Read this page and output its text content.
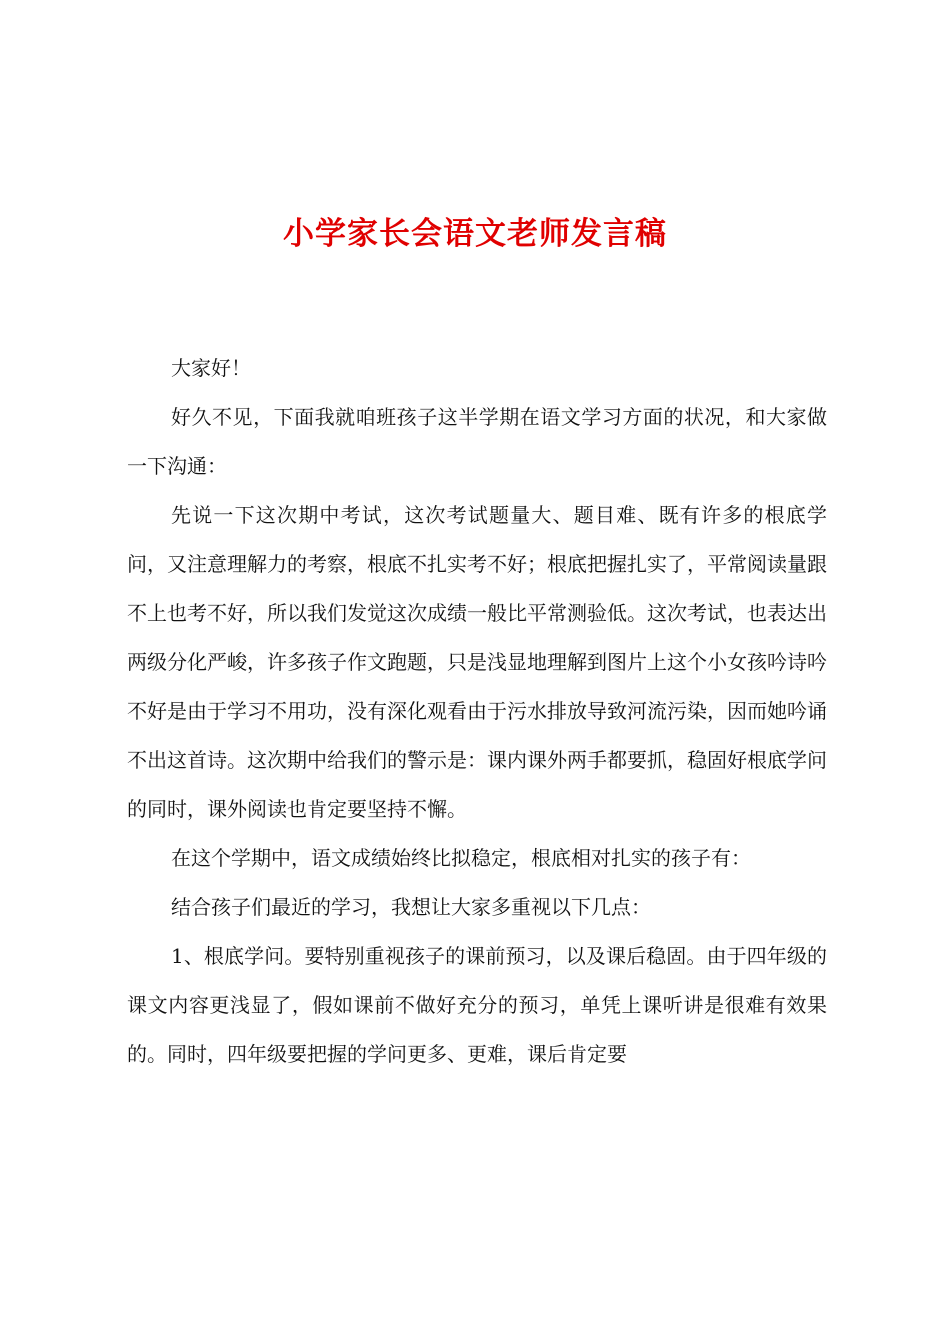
小学家长会语文老师发言稿

大家好！

好久不见，下面我就咱班孩子这半学期在语文学习方面的状况，和大家做一下沟通：

先说一下这次期中考试，这次考试题量大、题目难、既有许多的根底学问，又注意理解力的考察，根底不扎实考不好；根底把握扎实了，平常阅读量跟不上也考不好，所以我们发觉这次成绩一般比平常测验低。这次考试，也表达出两级分化严峻，许多孩子作文跑题，只是浅显地理解到图片上这个小女孩吟诗吟不好是由于学习不用功，没有深化观看由于污水排放导致河流污染，因而她吟诵不出这首诗。这次期中给我们的警示是：课内课外两手都要抓，稳固好根底学问的同时，课外阅读也肯定要坚持不懈。

在这个学期中，语文成绩始终比拟稳定，根底相对扎实的孩子有：

结合孩子们最近的学习，我想让大家多重视以下几点：

1、根底学问。要特别重视孩子的课前预习，以及课后稳固。由于四年级的课文内容更浅显了，假如课前不做好充分的预习，单凭上课听讲是很难有效果的。同时，四年级要把握的学问更多、更难，课后肯定要
